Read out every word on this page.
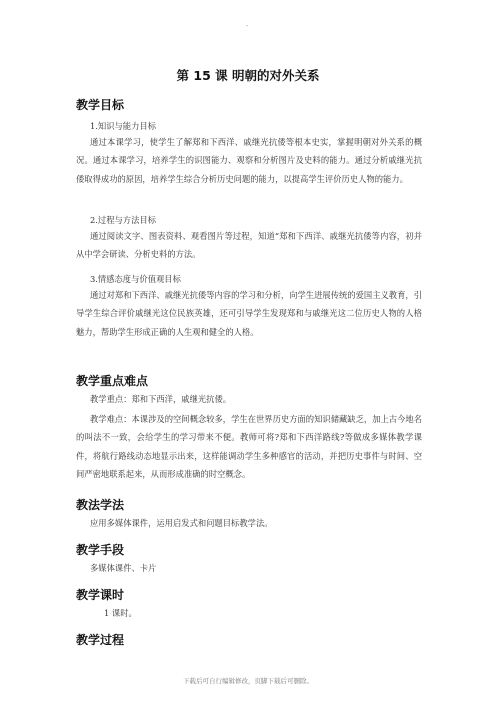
-
第 15 课 明朝的对外关系
教学目标
1.知识与能力目标
通过本课学习，使学生了解郑和下西洋、戚继光抗倭等根本史实，掌握明朝对外关系的概况。通过本课学习，培养学生的识图能力、观察和分析图片及史料的能力。通过分析戚继光抗倭取得成功的原因，培养学生综合分析历史问题的能力，以提高学生评价历史人物的能力。
2.过程与方法目标
通过阅读文字、图表资料、观看图片等过程，知道“郑和下西洋、戚继光抗倭等内容，初并从中学会研读、分析史料的方法。
3.情感态度与价值观目标
通过对郑和下西洋、戚继光抗倭等内容的学习和分析，向学生进展传统的爱国主义教育，引导学生综合评价戚继光这位民族英雄，还可引导学生发现郑和与戚继光这二位历史人物的人格魅力，帮助学生形成正确的人生观和健全的人格。
教学重点难点
教学重点：郑和下西洋，戚继光抗倭。
教学难点：本课涉及的空间概念较多，学生在世界历史方面的知识储藏缺乏，加上古今地名的叫法不一致，会给学生的学习带来不便。教师可将?郑和下西洋路线?等做成多媒体教学课件，将航行路线动态地显示出来，这样能调动学生多种感官的活动，并把历史事件与时间、空间严密地联系起来，从而形成准确的时空概念。
教法学法
应用多媒体课件，运用启发式和问题目标教学法。
教学手段
多媒体课件、卡片
教学课时
1 课时。
教学过程
下载后可自行编辑修改，页脚下载后可删除。
